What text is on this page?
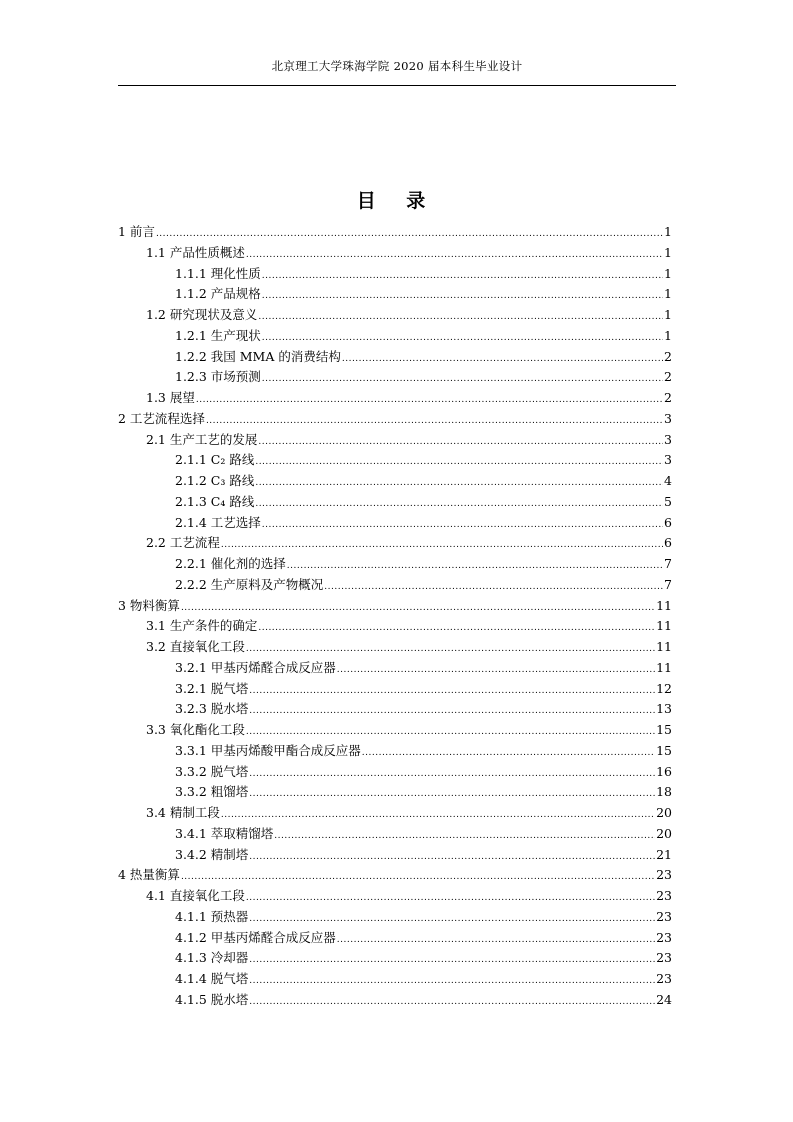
北京理工大学珠海学院 2020 届本科生毕业设计
目 录
1 前言 .....	1
1.1 产品性质概述 .....	1
1.1.1 理化性质 .....	1
1.1.2 产品规格 .....	1
1.2 研究现状及意义 .....	1
1.2.1 生产现状 .....	1
1.2.2 我国 MMA 的消费结构 .....	2
1.2.3 市场预测 .....	2
1.3 展望 .....	2
2 工艺流程选择 .....	3
2.1 生产工艺的发展 .....	3
2.1.1 C₂ 路线 .....	3
2.1.2 C₃ 路线 .....	4
2.1.3 C₄ 路线 .....	5
2.1.4 工艺选择 .....	6
2.2 工艺流程 .....	6
2.2.1 催化剂的选择 .....	7
2.2.2 生产原料及产物概况 .....	7
3 物料衡算 .....	11
3.1 生产条件的确定 .....	11
3.2 直接氧化工段 .....	11
3.2.1 甲基丙烯醛合成反应器 .....	11
3.2.1 脱气塔 .....	12
3.2.3 脱水塔 .....	13
3.3 氧化酯化工段 .....	15
3.3.1 甲基丙烯酸甲酯合成反应器 .....	15
3.3.2 脱气塔 .....	16
3.3.2 粗馏塔 .....	18
3.4 精制工段 .....	20
3.4.1 萃取精馏塔 .....	20
3.4.2 精制塔 .....	21
4 热量衡算 .....	23
4.1 直接氧化工段 .....	23
4.1.1 预热器 .....	23
4.1.2 甲基丙烯醛合成反应器 .....	23
4.1.3 冷却器 .....	23
4.1.4 脱气塔 .....	23
4.1.5 脱水塔 .....	24
